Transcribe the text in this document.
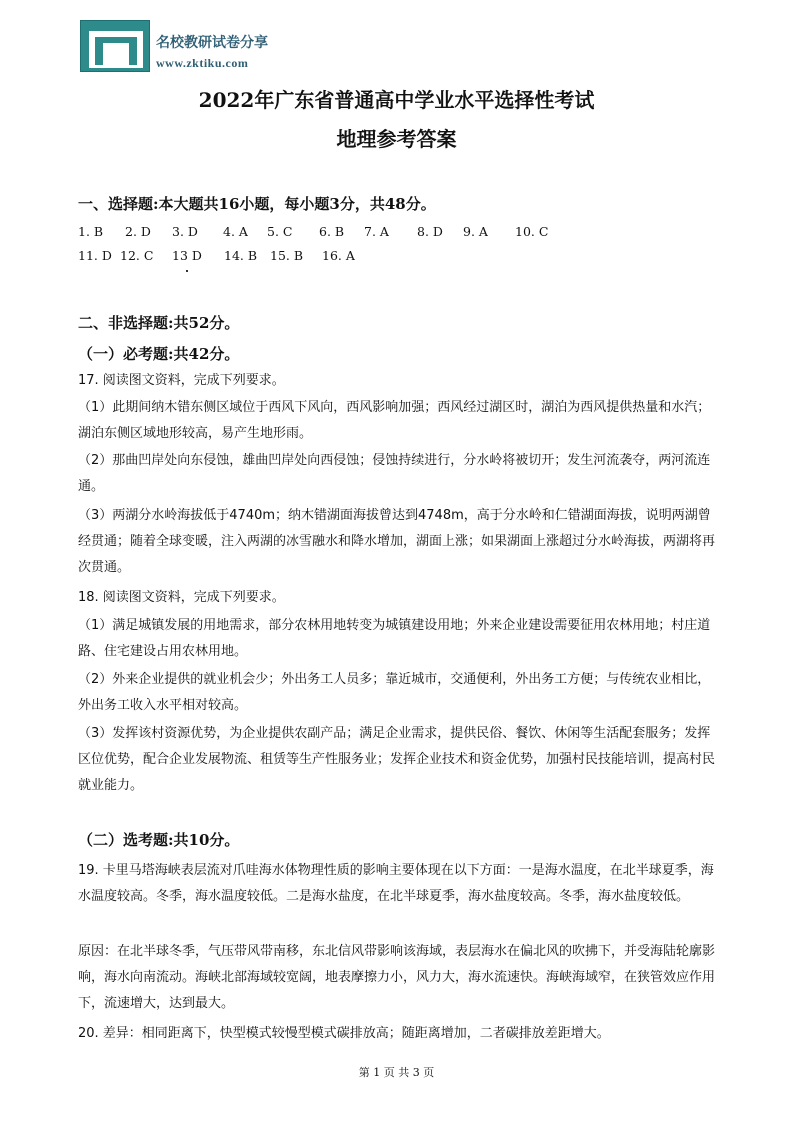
名校教研试卷分享
www.zktiku.com
2022年广东省普通高中学业水平选择性考试
地理参考答案
一、选择题:本大题共16小题，每小题3分，共48分。
1. B 2. D 3. D 4. A 5. C 6. B 7. A 8. D 9. A 10. C
11. D 12. C 13 D 14. B 15. B 16. A
二、非选择题:共52分。
（一）必考题:共42分。
17. 阅读图文资料，完成下列要求。
（1）此期间纳木错东侧区域位于西风下风向，西风影响加强；西风经过湖区时，湖泊为西风提供热量和水汽；湖泊东侧区域地形较高，易产生地形雨。
（2）那曲凹岸处向东侵蚀，雄曲凹岸处向西侵蚀；侵蚀持续进行，分水岭将被切开；发生河流袭夺，两河流连通。
（3）两湖分水岭海拔低于4740m；纳木错湖面海拔曾达到4748m，高于分水岭和仁错湖面海拔，说明两湖曾经贯通；随着全球变暖，注入两湖的冰雪融水和降水增加，湖面上涨；如果湖面上涨超过分水岭海拔，两湖将再次贯通。
18. 阅读图文资料，完成下列要求。
（1）满足城镇发展的用地需求，部分农林用地转变为城镇建设用地；外来企业建设需要征用农林用地；村庄道路、住宅建设占用农林用地。
（2）外来企业提供的就业机会少；外出务工人员多；靠近城市，交通便利，外出务工方便；与传统农业相比，外出务工收入水平相对较高。
（3）发挥该村资源优势，为企业提供农副产品；满足企业需求，提供民俗、餐饮、休闲等生活配套服务；发挥区位优势，配合企业发展物流、租赁等生产性服务业；发挥企业技术和资金优势，加强村民技能培训，提高村民就业能力。
（二）选考题:共10分。
19. 卡里马塔海峡表层流对爪哇海水体物理性质的影响主要体现在以下方面：一是海水温度，在北半球夏季，海水温度较高。冬季，海水温度较低。二是海水盐度，在北半球夏季，海水盐度较高。冬季，海水盐度较低。
原因：在北半球冬季，气压带风带南移，东北信风带影响该海域，表层海水在偏北风的吹拂下，并受海陆轮廓影响，海水向南流动。海峡北部海域较宽阔，地表摩擦力小，风力大，海水流速快。海峡海域窄，在狭管效应作用下，流速增大，达到最大。
20. 差异：相同距离下，快型模式较慢型模式碳排放高；随距离增加，二者碳排放差距增大。
第 1 页 共 3 页
